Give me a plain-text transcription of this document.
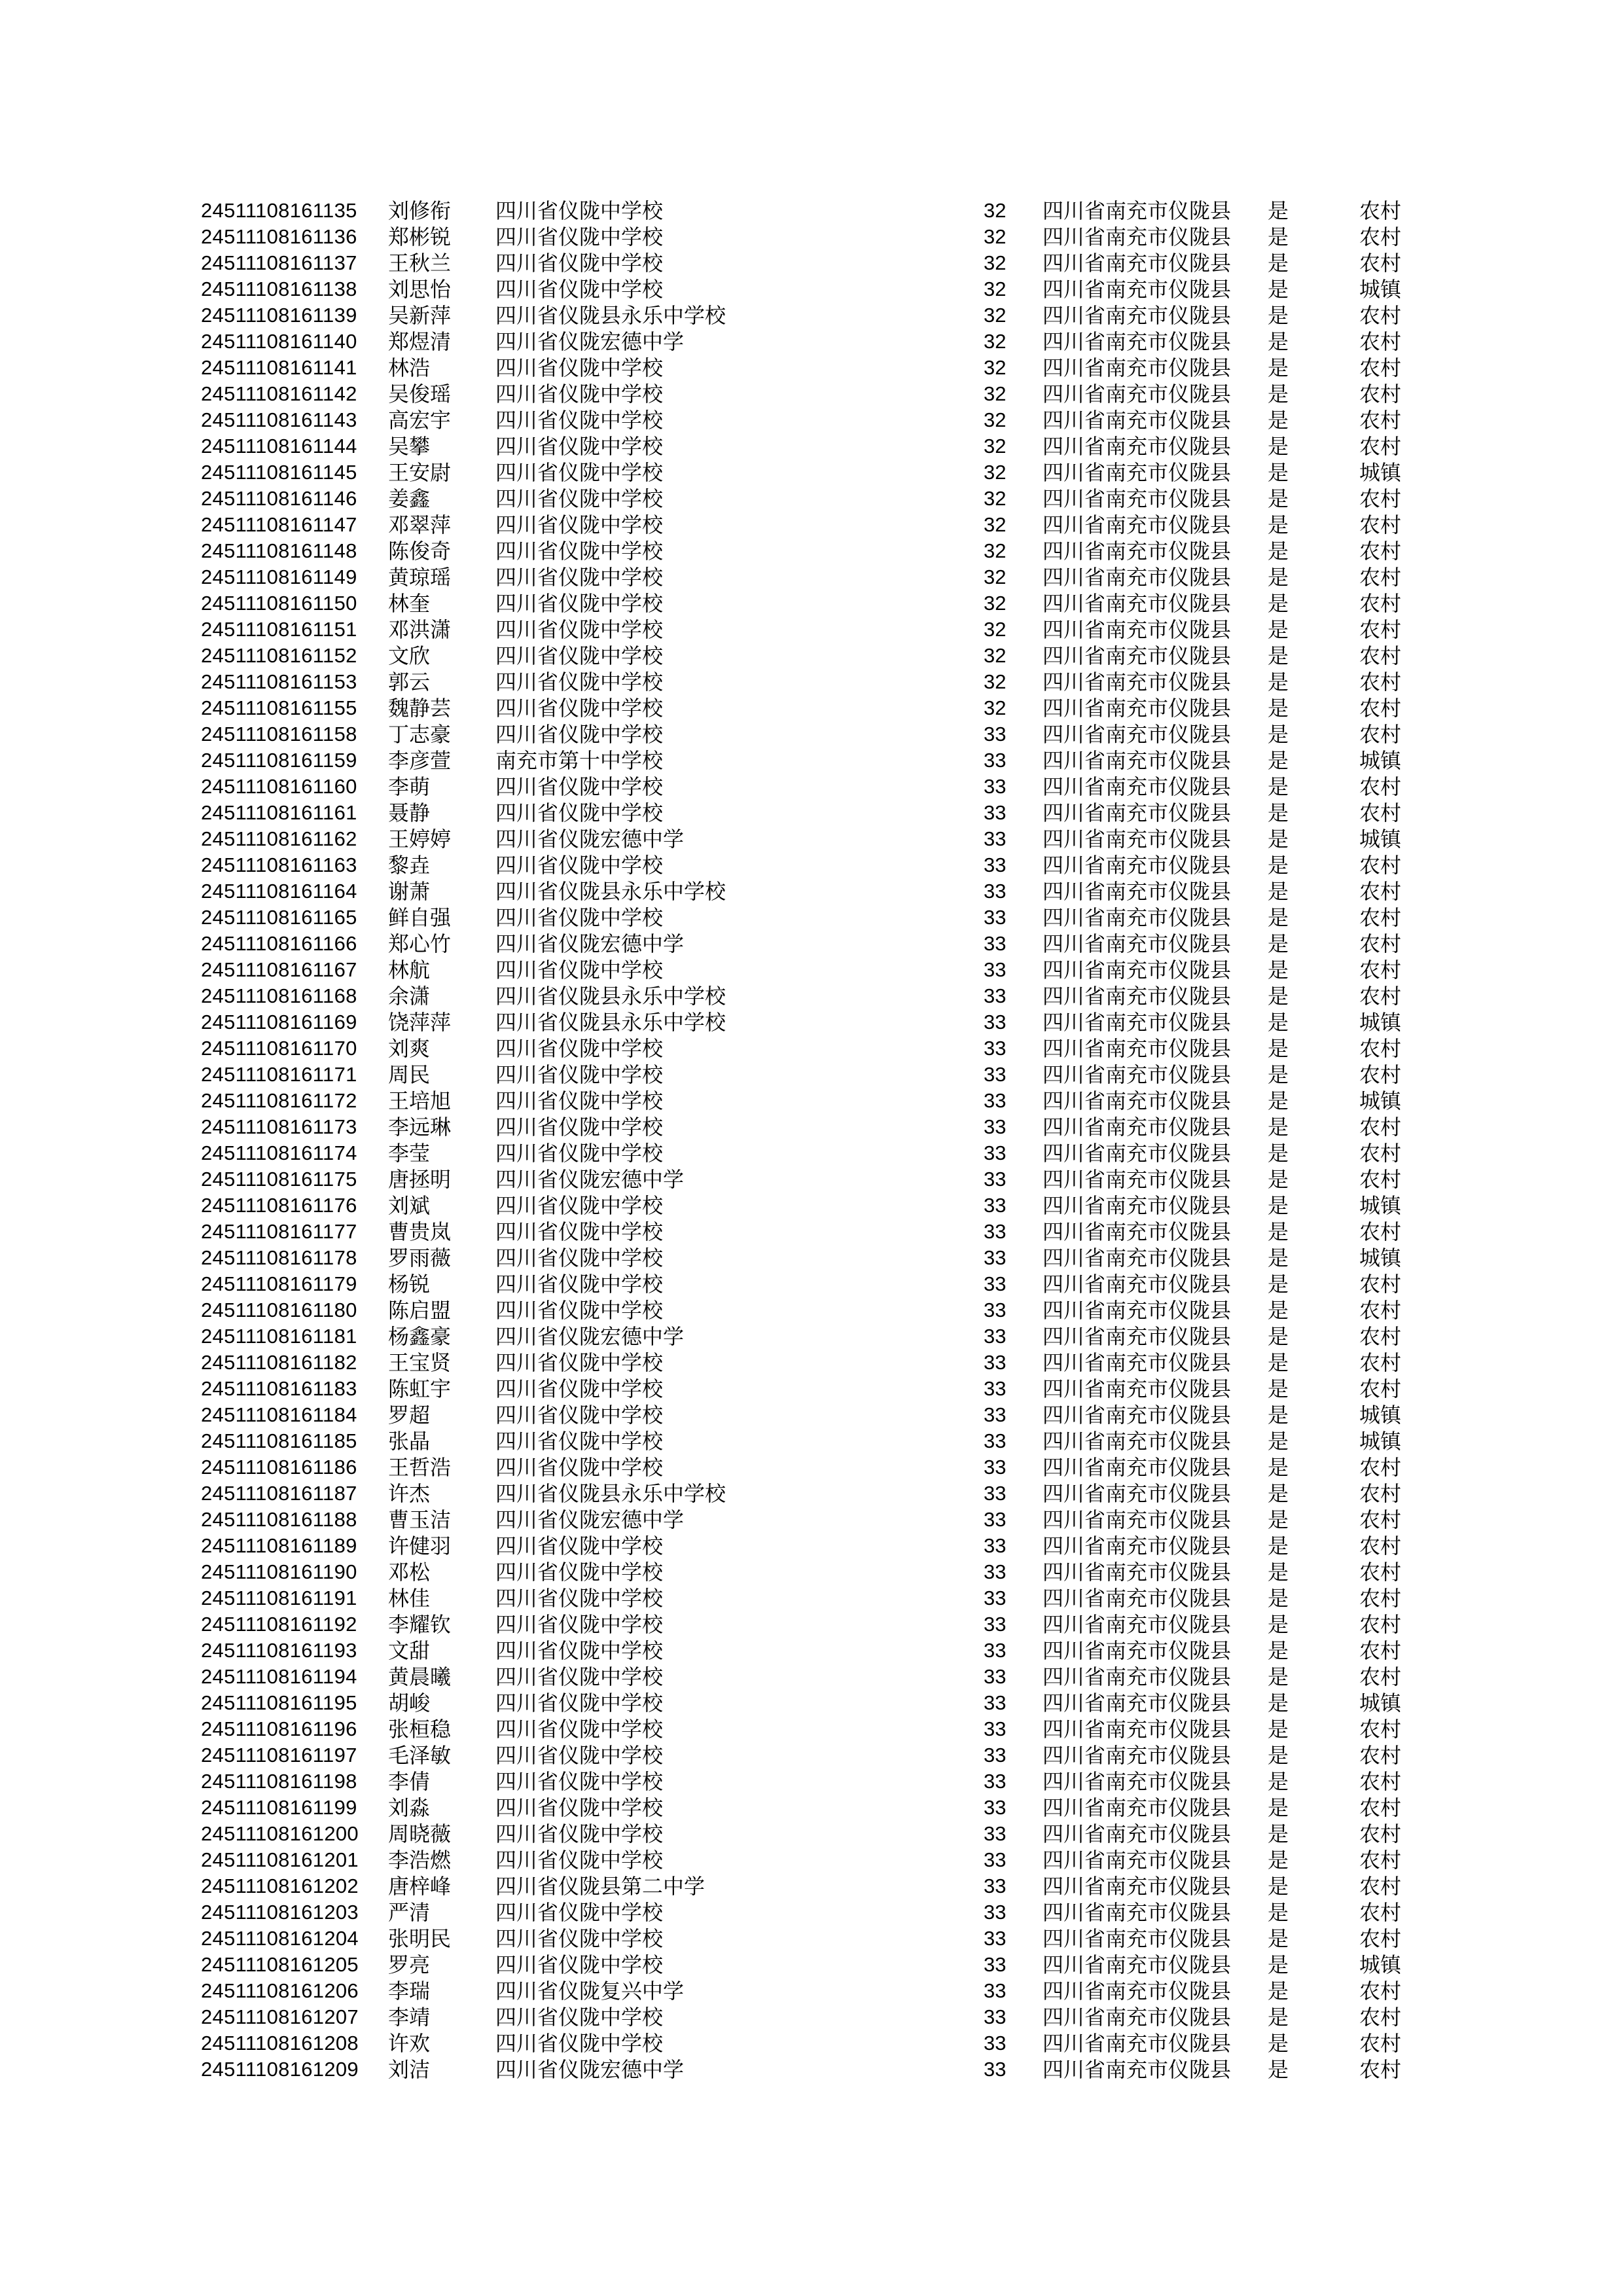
24511108161135 刘修衔 四川省仪陇中学校	32 四川省南充市仪陇县 是	农村
24511108161136 郑彬锐 四川省仪陇中学校	32 四川省南充市仪陇县 是	农村
24511108161137 王秋兰 四川省仪陇中学校	32 四川省南充市仪陇县 是	农村
24511108161138 刘思怡 四川省仪陇中学校	32 四川省南充市仪陇县 是	城镇
24511108161139 吴新萍 四川省仪陇县永乐中学校	32 四川省南充市仪陇县 是	农村
24511108161140 郑煜清 四川省仪陇宏德中学	32 四川省南充市仪陇县 是	农村
24511108161141 林浩	四川省仪陇中学校	32 四川省南充市仪陇县 是	农村
24511108161142 吴俊瑶 四川省仪陇中学校	32 四川省南充市仪陇县 是	农村
24511108161143 高宏宇 四川省仪陇中学校	32 四川省南充市仪陇县 是	农村
24511108161144 吴攀	四川省仪陇中学校	32 四川省南充市仪陇县 是	农村
24511108161145 王安尉 四川省仪陇中学校	32 四川省南充市仪陇县 是	城镇
24511108161146 姜鑫	四川省仪陇中学校	32 四川省南充市仪陇县 是	农村
24511108161147 邓翠萍 四川省仪陇中学校	32 四川省南充市仪陇县 是	农村
24511108161148 陈俊奇 四川省仪陇中学校	32 四川省南充市仪陇县 是	农村
24511108161149 黄琼瑶 四川省仪陇中学校	32 四川省南充市仪陇县 是	农村
24511108161150 林奎	四川省仪陇中学校	32 四川省南充市仪陇县 是	农村
24511108161151 邓洪潇 四川省仪陇中学校	32 四川省南充市仪陇县 是	农村
24511108161152 文欣	四川省仪陇中学校	32 四川省南充市仪陇县 是	农村
24511108161153 郭云	四川省仪陇中学校	32 四川省南充市仪陇县 是	农村
24511108161155 魏静芸 四川省仪陇中学校	32 四川省南充市仪陇县 是	农村
24511108161158 丁志豪 四川省仪陇中学校	33 四川省南充市仪陇县 是	农村
24511108161159 李彦萱 南充市第十中学校	33 四川省南充市仪陇县 是	城镇
24511108161160 李萌	四川省仪陇中学校	33 四川省南充市仪陇县 是	农村
24511108161161 聂静	四川省仪陇中学校	33 四川省南充市仪陇县 是	农村
24511108161162 王婷婷 四川省仪陇宏德中学	33 四川省南充市仪陇县 是	城镇
24511108161163 黎垚	四川省仪陇中学校	33 四川省南充市仪陇县 是	农村
24511108161164 谢萧	四川省仪陇县永乐中学校	33 四川省南充市仪陇县 是	农村
24511108161165 鲜自强 四川省仪陇中学校	33 四川省南充市仪陇县 是	农村
24511108161166 郑心竹 四川省仪陇宏德中学	33 四川省南充市仪陇县 是	农村
24511108161167 林航	四川省仪陇中学校	33 四川省南充市仪陇县 是	农村
24511108161168 余潇	四川省仪陇县永乐中学校	33 四川省南充市仪陇县 是	农村
24511108161169 饶萍萍 四川省仪陇县永乐中学校	33 四川省南充市仪陇县 是	城镇
24511108161170 刘爽	四川省仪陇中学校	33 四川省南充市仪陇县 是	农村
24511108161171 周民	四川省仪陇中学校	33 四川省南充市仪陇县 是	农村
24511108161172 王培旭 四川省仪陇中学校	33 四川省南充市仪陇县 是	城镇
24511108161173 李远琳 四川省仪陇中学校	33 四川省南充市仪陇县 是	农村
24511108161174 李莹	四川省仪陇中学校	33 四川省南充市仪陇县 是	农村
24511108161175 唐拯明 四川省仪陇宏德中学	33 四川省南充市仪陇县 是	农村
24511108161176 刘斌	四川省仪陇中学校	33 四川省南充市仪陇县 是	城镇
24511108161177 曹贵岚 四川省仪陇中学校	33 四川省南充市仪陇县 是	农村
24511108161178 罗雨薇 四川省仪陇中学校	33 四川省南充市仪陇县 是	城镇
24511108161179 杨锐	四川省仪陇中学校	33 四川省南充市仪陇县 是	农村
24511108161180 陈启盟 四川省仪陇中学校	33 四川省南充市仪陇县 是	农村
24511108161181 杨鑫豪 四川省仪陇宏德中学	33 四川省南充市仪陇县 是	农村
24511108161182 王宝贤 四川省仪陇中学校	33 四川省南充市仪陇县 是	农村
24511108161183 陈虹宇 四川省仪陇中学校	33 四川省南充市仪陇县 是	农村
24511108161184 罗超	四川省仪陇中学校	33 四川省南充市仪陇县 是	城镇
24511108161185 张晶	四川省仪陇中学校	33 四川省南充市仪陇县 是	城镇
24511108161186 王哲浩 四川省仪陇中学校	33 四川省南充市仪陇县 是	农村
24511108161187 许杰	四川省仪陇县永乐中学校	33 四川省南充市仪陇县 是	农村
24511108161188 曹玉洁 四川省仪陇宏德中学	33 四川省南充市仪陇县 是	农村
24511108161189 许健羽 四川省仪陇中学校	33 四川省南充市仪陇县 是	农村
24511108161190 邓松	四川省仪陇中学校	33 四川省南充市仪陇县 是	农村
24511108161191 林佳	四川省仪陇中学校	33 四川省南充市仪陇县 是	农村
24511108161192 李耀钦 四川省仪陇中学校	33 四川省南充市仪陇县 是	农村
24511108161193 文甜	四川省仪陇中学校	33 四川省南充市仪陇县 是	农村
24511108161194 黄晨曦 四川省仪陇中学校	33 四川省南充市仪陇县 是	农村
24511108161195 胡峻	四川省仪陇中学校	33 四川省南充市仪陇县 是	城镇
24511108161196 张桓稳 四川省仪陇中学校	33 四川省南充市仪陇县 是	农村
24511108161197 毛泽敏 四川省仪陇中学校	33 四川省南充市仪陇县 是	农村
24511108161198 李倩	四川省仪陇中学校	33 四川省南充市仪陇县 是	农村
24511108161199 刘淼	四川省仪陇中学校	33 四川省南充市仪陇县 是	农村
24511108161200 周晓薇 四川省仪陇中学校	33 四川省南充市仪陇县 是	农村
24511108161201 李浩燃 四川省仪陇中学校	33 四川省南充市仪陇县 是	农村
24511108161202 唐梓峰 四川省仪陇县第二中学	33 四川省南充市仪陇县 是	农村
24511108161203 严清	四川省仪陇中学校	33 四川省南充市仪陇县 是	农村
24511108161204 张明民 四川省仪陇中学校	33 四川省南充市仪陇县 是	农村
24511108161205 罗亮	四川省仪陇中学校	33 四川省南充市仪陇县 是	城镇
24511108161206 李瑞	四川省仪陇复兴中学	33 四川省南充市仪陇县 是	农村
24511108161207 李靖	四川省仪陇中学校	33 四川省南充市仪陇县 是	农村
24511108161208 许欢	四川省仪陇中学校	33 四川省南充市仪陇县 是	农村
24511108161209 刘洁	四川省仪陇宏德中学	33 四川省南充市仪陇县 是	农村
